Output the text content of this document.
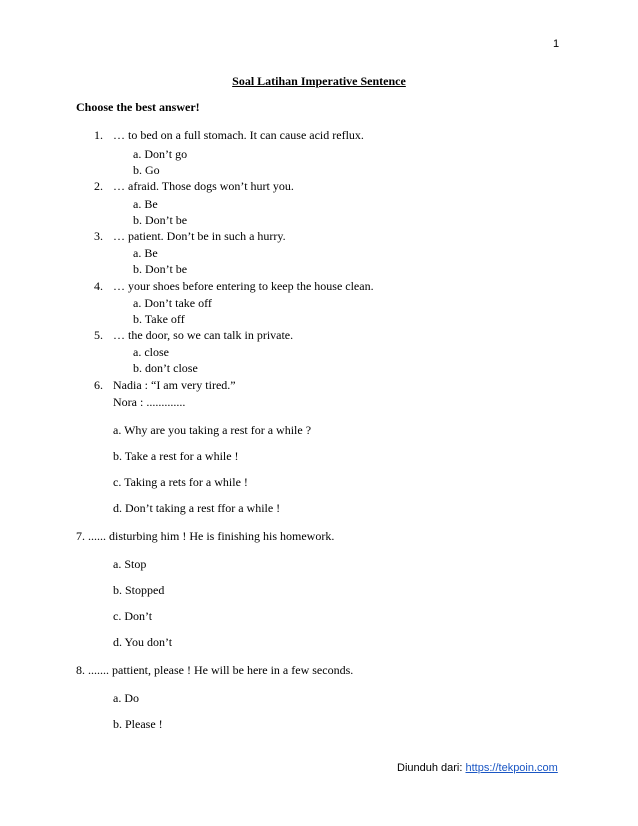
1
Soal Latihan Imperative Sentence
Choose the best answer!
1. … to bed on a full stomach. It can cause acid reflux.
a. Don’t go
b. Go
2. … afraid. Those dogs won’t hurt you.
a. Be
b. Don’t be
3. … patient. Don’t be in such a hurry.
a. Be
b. Don’t be
4. … your shoes before entering to keep the house clean.
a. Don’t take off
b. Take off
5. … the door, so we can talk in private.
a. close
b. don’t close
6. Nadia : “I am very tired.”
Nora : .............
a. Why are you taking a rest for a while ?
b. Take a rest for a while !
c. Taking a rets for a while !
d. Don’t taking a rest ffor a while !
7. ...... disturbing him ! He is finishing his homework.
a. Stop
b. Stopped
c. Don’t
d. You don’t
8. ....... pattient, please ! He will be here in a few seconds.
a. Do
b. Please !
Diunduh dari: https://tekpoin.com
